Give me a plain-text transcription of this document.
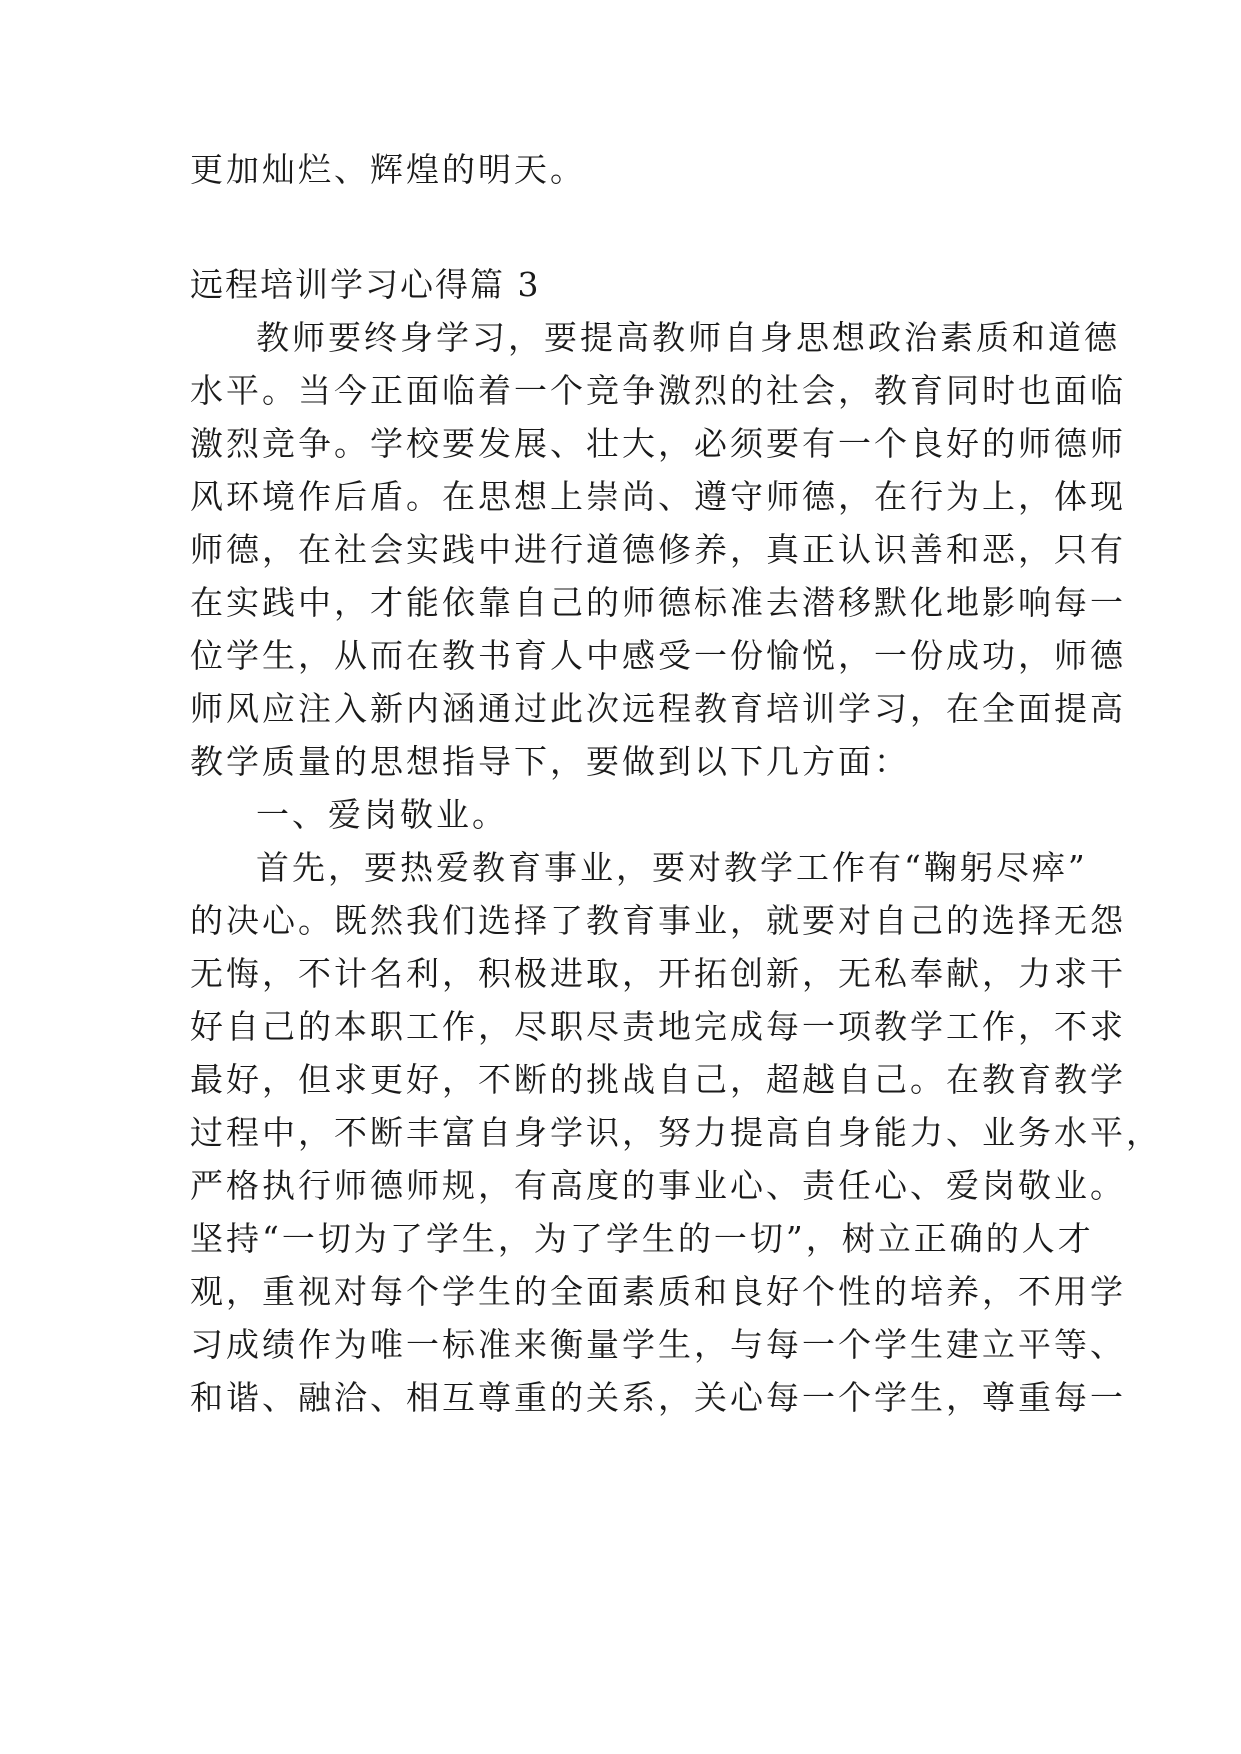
更加灿烂、辉煌的明天。
远程培训学习心得篇 3
教师要终身学习，要提高教师自身思想政治素质和道德
水平。当今正面临着一个竞争激烈的社会，教育同时也面临
激烈竞争。学校要发展、壮大，必须要有一个良好的师德师
风环境作后盾。在思想上崇尚、遵守师德，在行为上，体现
师德，在社会实践中进行道德修养，真正认识善和恶，只有
在实践中，才能依靠自己的师德标准去潜移默化地影响每一
位学生，从而在教书育人中感受一份愉悦，一份成功，师德
师风应注入新内涵通过此次远程教育培训学习，在全面提高
教学质量的思想指导下，要做到以下几方面：
一、爱岗敬业。
首先，要热爱教育事业，要对教学工作有“鞠躬尽瘁”
的决心。既然我们选择了教育事业，就要对自己的选择无怨
无悔，不计名利，积极进取，开拓创新，无私奉献，力求干
好自己的本职工作，尽职尽责地完成每一项教学工作，不求
最好，但求更好，不断的挑战自己，超越自己。在教育教学
过程中，不断丰富自身学识，努力提高自身能力、业务水平，
严格执行师德师规，有高度的事业心、责任心、爱岗敬业。
坚持“一切为了学生，为了学生的一切”，树立正确的人才
观，重视对每个学生的全面素质和良好个性的培养，不用学
习成绩作为唯一标准来衡量学生，与每一个学生建立平等、
和谐、融洽、相互尊重的关系，关心每一个学生，尊重每一
